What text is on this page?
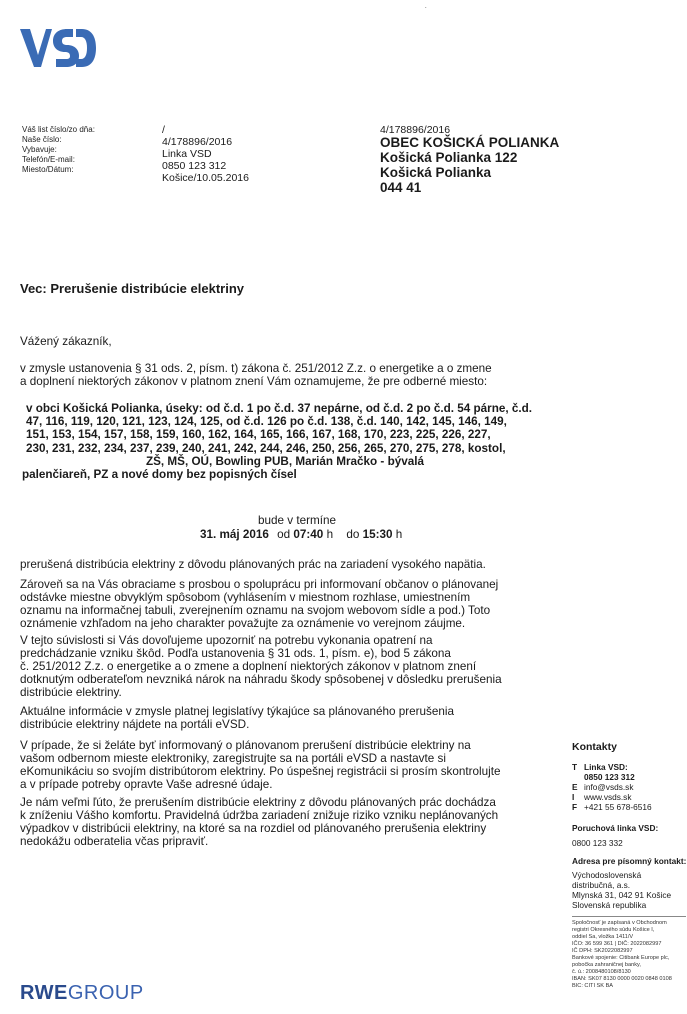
.
Váš list číslo/zo dňa:
Naše číslo:
Vybavuje:
Telefón/E-mail:
Miesto/Dátum:
/
4/178896/2016
Linka VSD
0850 123 312
Košice/10.05.2016
4/178896/2016
OBEC KOŠICKÁ POLIANKA
Košická Polianka 122
Košická Polianka
044 41
Vec: Prerušenie distribúcie elektriny
Vážený zákazník,
v zmysle ustanovenia § 31 ods. 2, písm. t) zákona č. 251/2012 Z.z. o energetike a o zmene
a doplnení niektorých zákonov v platnom znení Vám oznamujeme, že pre odberné miesto:
v obci Košická Polianka, úseky: od č.d. 1 po č.d. 37 nepárne, od č.d. 2 po č.d. 54 párne, č.d.
47, 116, 119, 120, 121, 123, 124, 125, od č.d. 126 po č.d. 138, č.d. 140, 142, 145, 146, 149,
151, 153, 154, 157, 158, 159, 160, 162, 164, 165, 166, 167, 168, 170, 223, 225, 226, 227,
230, 231, 232, 234, 237, 239, 240, 241, 242, 244, 246, 250, 256, 265, 270, 275, 278, kostol,
ZŠ, MŠ, OÚ, Bowling PUB, Marián Mračko - bývalá
palenčiareň, PZ a nové domy bez popisných čísel
bude v termíne
31. máj 2016 od 07:40 h do 15:30 h
prerušená distribúcia elektriny z dôvodu plánovaných prác na zariadení vysokého napätia.
Zároveň sa na Vás obraciame s prosbou o spoluprácu pri informovaní občanov o plánovanej
odstávke miestne obvyklým spôsobom (vyhlásením v miestnom rozhlase, umiestnením
oznamu na informačnej tabuli, zverejnením oznamu na svojom webovom sídle a pod.) Toto
oznámenie vzhľadom na jeho charakter považujte za oznámenie vo verejnom záujme.
V tejto súvislosti si Vás dovoľujeme upozorniť na potrebu vykonania opatrení na
predchádzanie vzniku škôd. Podľa ustanovenia § 31 ods. 1, písm. e), bod 5 zákona
č. 251/2012 Z.z. o energetike a o zmene a doplnení niektorých zákonov v platnom znení
dotknutým odberateľom nevzniká nárok na náhradu škody spôsobenej v dôsledku prerušenia
distribúcie elektriny.
Aktuálne informácie v zmysle platnej legislatívy týkajúce sa plánovaného prerušenia
distribúcie elektriny nájdete na portáli eVSD.
V prípade, že si želáte byť informovaný o plánovanom prerušení distribúcie elektriny na
vašom odbernom mieste elektroniky, zaregistrujte sa na portáli eVSD a nastavte si
eKomunikáciu so svojím distribútorom elektriny. Po úspešnej registrácii si prosím skontrolujte
a v prípade potreby opravte Vaše adresné údaje.
Je nám veľmi ľúto, že prerušením distribúcie elektriny z dôvodu plánovaných prác dochádza
k zníženiu Vášho komfortu. Pravidelná údržba zariadení znižuje riziko vzniku neplánovaných
výpadkov v distribúcii elektriny, na ktoré sa na rozdiel od plánovaného prerušenia elektriny
nedokážu odberatelia včas pripraviť.
Kontakty
T Linka VSD:
0850 123 312
E info@vsds.sk
I www.vsds.sk
F +421 55 678-6516
Poruchová linka VSD:
0800 123 332
Adresa pre písomný kontakt:
Východoslovenská
distribučná, a.s.
Mlynská 31, 042 91 Košice
Slovenská republika
Spoločnosť je zapísaná v Obchodnom
registri Okresného súdu Košice I,
oddiel Sa, vložka 1411/V
IČO: 36 599 361 | DIČ: 2022082997
IČ DPH: SK2022082997
Bankové spojenie: Citibank Europe plc,
pobočka zahraničnej banky,
č. ú.: 2008480108/8130
IBAN: SK07 8130 0000 0020 0848 0108
BIC: CITI SK BA
RWEGROUP
